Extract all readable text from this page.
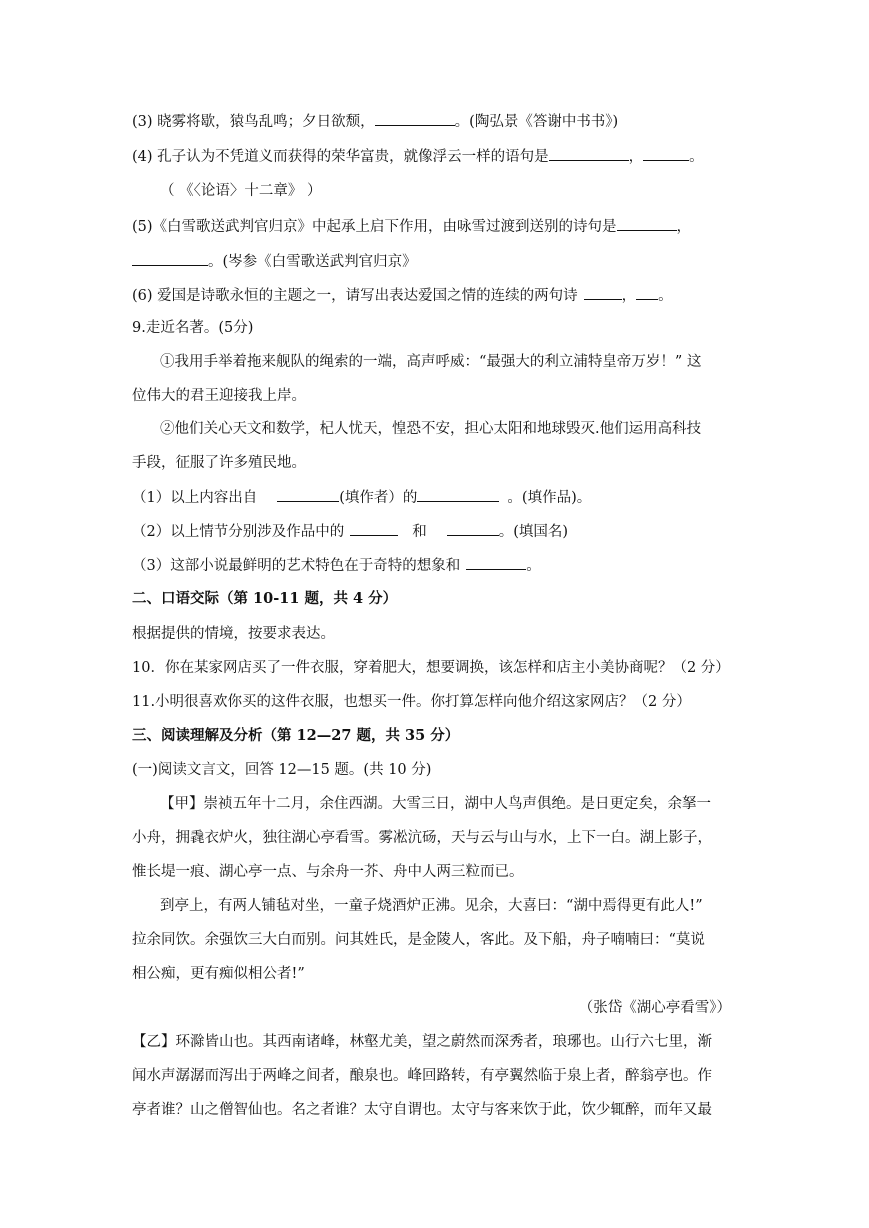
(3) 晓雾将歇，猿鸟乱鸣；夕日欲颓，	。(陶弘景《答谢中书书》)
(4) 孔子认为不凭道义而获得的荣华富贵，就像浮云一样的语句是	，	。
（ 《〈论语〉十二章》 ）
(5)《白雪歌送武判官归京》中起承上启下作用，由咏雪过渡到送别的诗句是	，
。(岑参《白雪歌送武判官归京》
(6) 爱国是诗歌永恒的主题之一，请写出表达爱国之情的连续的两句诗	， 。
9.走近名著。(5分)
①我用手举着拖来舰队的绳索的一端，高声呼威：“最强大的利立浦特皇帝万岁！” 这
位伟大的君王迎接我上岸。
②他们关心天文和数学，杞人忧天，惶恐不安，担心太阳和地球毁灭.他们运用高科技
手段，征服了许多殖民地。
（1）以上内容出自	(填作者）的	。(填作品)。
（2）以上情节分别涉及作品中的	和	。(填国名)
（3）这部小说最鲜明的艺术特色在于奇特的想象和	。
二、口语交际（第 10-11 题，共 4 分）
根据提供的情境，按要求表达。
10．你在某家网店买了一件衣服，穿着肥大，想要调换，该怎样和店主小美协商呢？（2 分）
11.小明很喜欢你买的这件衣服，也想买一件。你打算怎样向他介绍这家网店？（2 分）
三、阅读理解及分析（第 12—27 题，共 35 分）
(一)阅读文言文，回答 12—15 题。(共 10 分)
【甲】崇祯五年十二月，余住西湖。大雪三日，湖中人鸟声俱绝。是日更定矣，余拏一
小舟，拥毳衣炉火，独往湖心亭看雪。雾凇沆砀，天与云与山与水，上下一白。湖上影子，
惟长堤一痕、湖心亭一点、与余舟一芥、舟中人两三粒而已。
到亭上，有两人铺毡对坐，一童子烧酒炉正沸。见余，大喜曰：“湖中焉得更有此人!”
拉余同饮。余强饮三大白而别。问其姓氏，是金陵人，客此。及下船，舟子喃喃曰：“莫说
相公痴，更有痴似相公者!”
（张岱《湖心亭看雪》）
【乙】环滁皆山也。其西南诸峰，林壑尤美，望之蔚然而深秀者，琅琊也。山行六七里，渐
闻水声潺潺而泻出于两峰之间者，酿泉也。峰回路转，有亭翼然临于泉上者，醉翁亭也。作
亭者谁？山之僧智仙也。名之者谁？太守自谓也。太守与客来饮于此，饮少辄醉，而年又最
